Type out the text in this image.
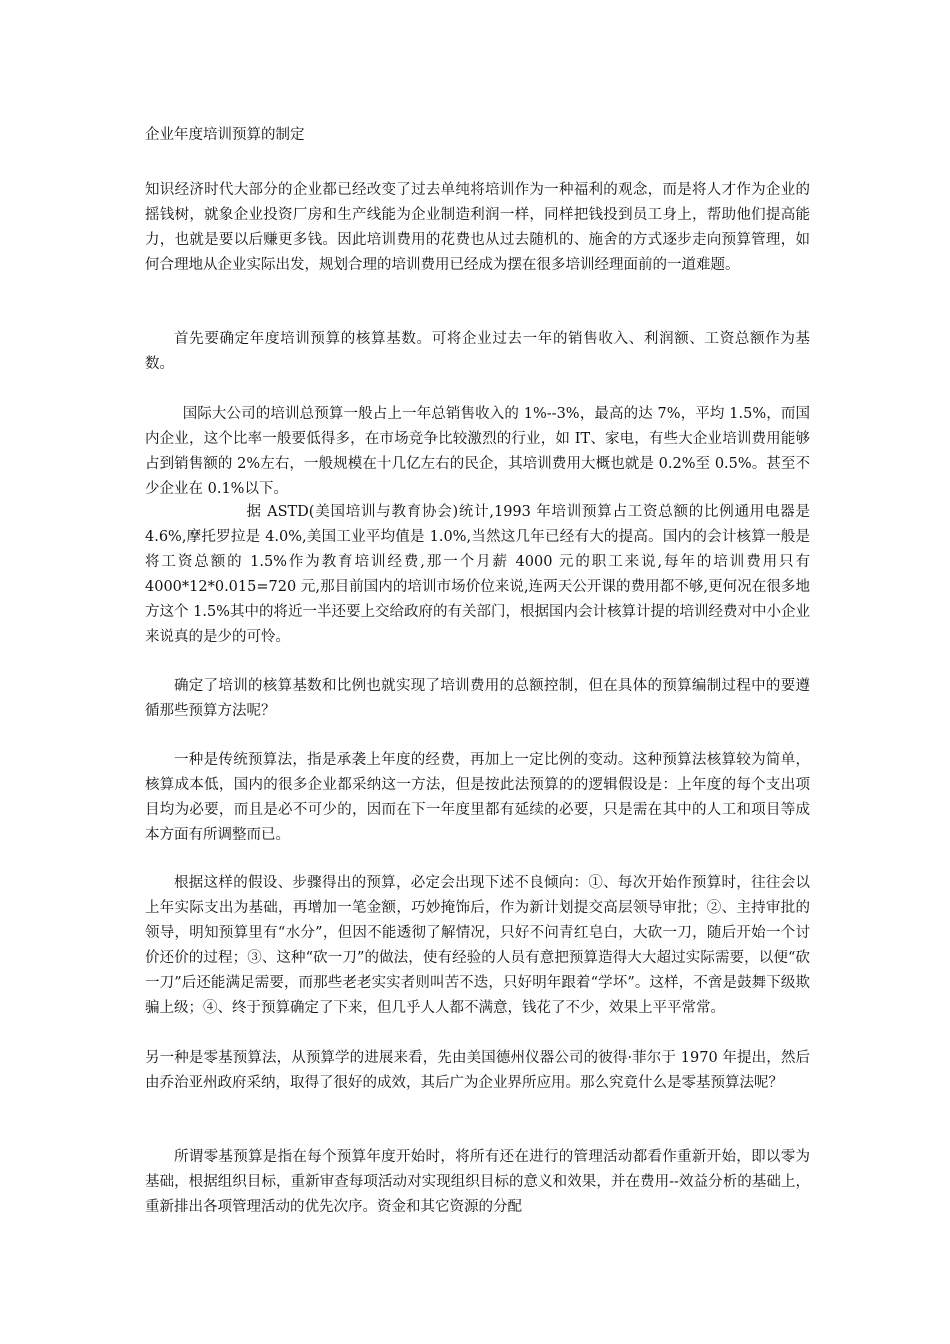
企业年度培训预算的制定

知识经济时代大部分的企业都已经改变了过去单纯将培训作为一种福利的观念，而是将人才作为企业的摇钱树，就象企业投资厂房和生产线能为企业制造利润一样，同样把钱投到员工身上，帮助他们提高能力，也就是要以后赚更多钱。因此培训费用的花费也从过去随机的、施舍的方式逐步走向预算管理，如何合理地从企业实际出发，规划合理的培训费用已经成为摆在很多培训经理面前的一道难题。

首先要确定年度培训预算的核算基数。可将企业过去一年的销售收入、利润额、工资总额作为基数。

国际大公司的培训总预算一般占上一年总销售收入的 1%--3%，最高的达 7%，平均 1.5%，而国内企业，这个比率一般要低得多，在市场竞争比较激烈的行业，如 IT、家电，有些大企业培训费用能够占到销售额的 2%左右，一般规模在十几亿左右的民企，其培训费用大概也就是 0.2%至 0.5%。甚至不少企业在 0.1%以下。

据 ASTD(美国培训与教育协会)统计,1993 年培训预算占工资总额的比例通用电器是 4.6%,摩托罗拉是 4.0%,美国工业平均值是 1.0%,当然这几年已经有大的提高。国内的会计核算一般是将工资总额的 1.5%作为教育培训经费,那一个月薪 4000 元的职工来说,每年的培训费用只有 4000*12*0.015=720 元,那目前国内的培训市场价位来说,连两天公开课的费用都不够,更何况在很多地方这个 1.5%其中的将近一半还要上交给政府的有关部门，根据国内会计核算计提的培训经费对中小企业来说真的是少的可怜。

确定了培训的核算基数和比例也就实现了培训费用的总额控制，但在具体的预算编制过程中的要遵循那些预算方法呢？

一种是传统预算法，指是承袭上年度的经费，再加上一定比例的变动。这种预算法核算较为简单，核算成本低，国内的很多企业都采纳这一方法，但是按此法预算的的逻辑假设是：上年度的每个支出项目均为必要，而且是必不可少的，因而在下一年度里都有延续的必要，只是需在其中的人工和项目等成本方面有所调整而已。

根据这样的假设、步骤得出的预算，必定会出现下述不良倾向：①、每次开始作预算时，往往会以上年实际支出为基础，再增加一笔金额，巧妙掩饰后，作为新计划提交高层领导审批；②、主持审批的领导，明知预算里有“水分”，但因不能透彻了解情况，只好不问青红皂白，大砍一刀，随后开始一个讨价还价的过程；③、这种“砍一刀”的做法，使有经验的人员有意把预算造得大大超过实际需要，以便“砍一刀”后还能满足需要，而那些老老实实者则叫苦不迭，只好明年跟着“学坏”。这样，不啻是鼓舞下级欺骗上级；④、终于预算确定了下来，但几乎人人都不满意，钱花了不少，效果上平平常常。

另一种是零基预算法，从预算学的进展来看，先由美国德州仪器公司的彼得·菲尔于 1970 年提出，然后由乔治亚州政府采纳，取得了很好的成效，其后广为企业界所应用。那么究竟什么是零基预算法呢？

所谓零基预算是指在每个预算年度开始时，将所有还在进行的管理活动都看作重新开始，即以零为基础，根据组织目标，重新审查每项活动对实现组织目标的意义和效果，并在费用--效益分析的基础上，重新排出各项管理活动的优先次序。资金和其它资源的分配
